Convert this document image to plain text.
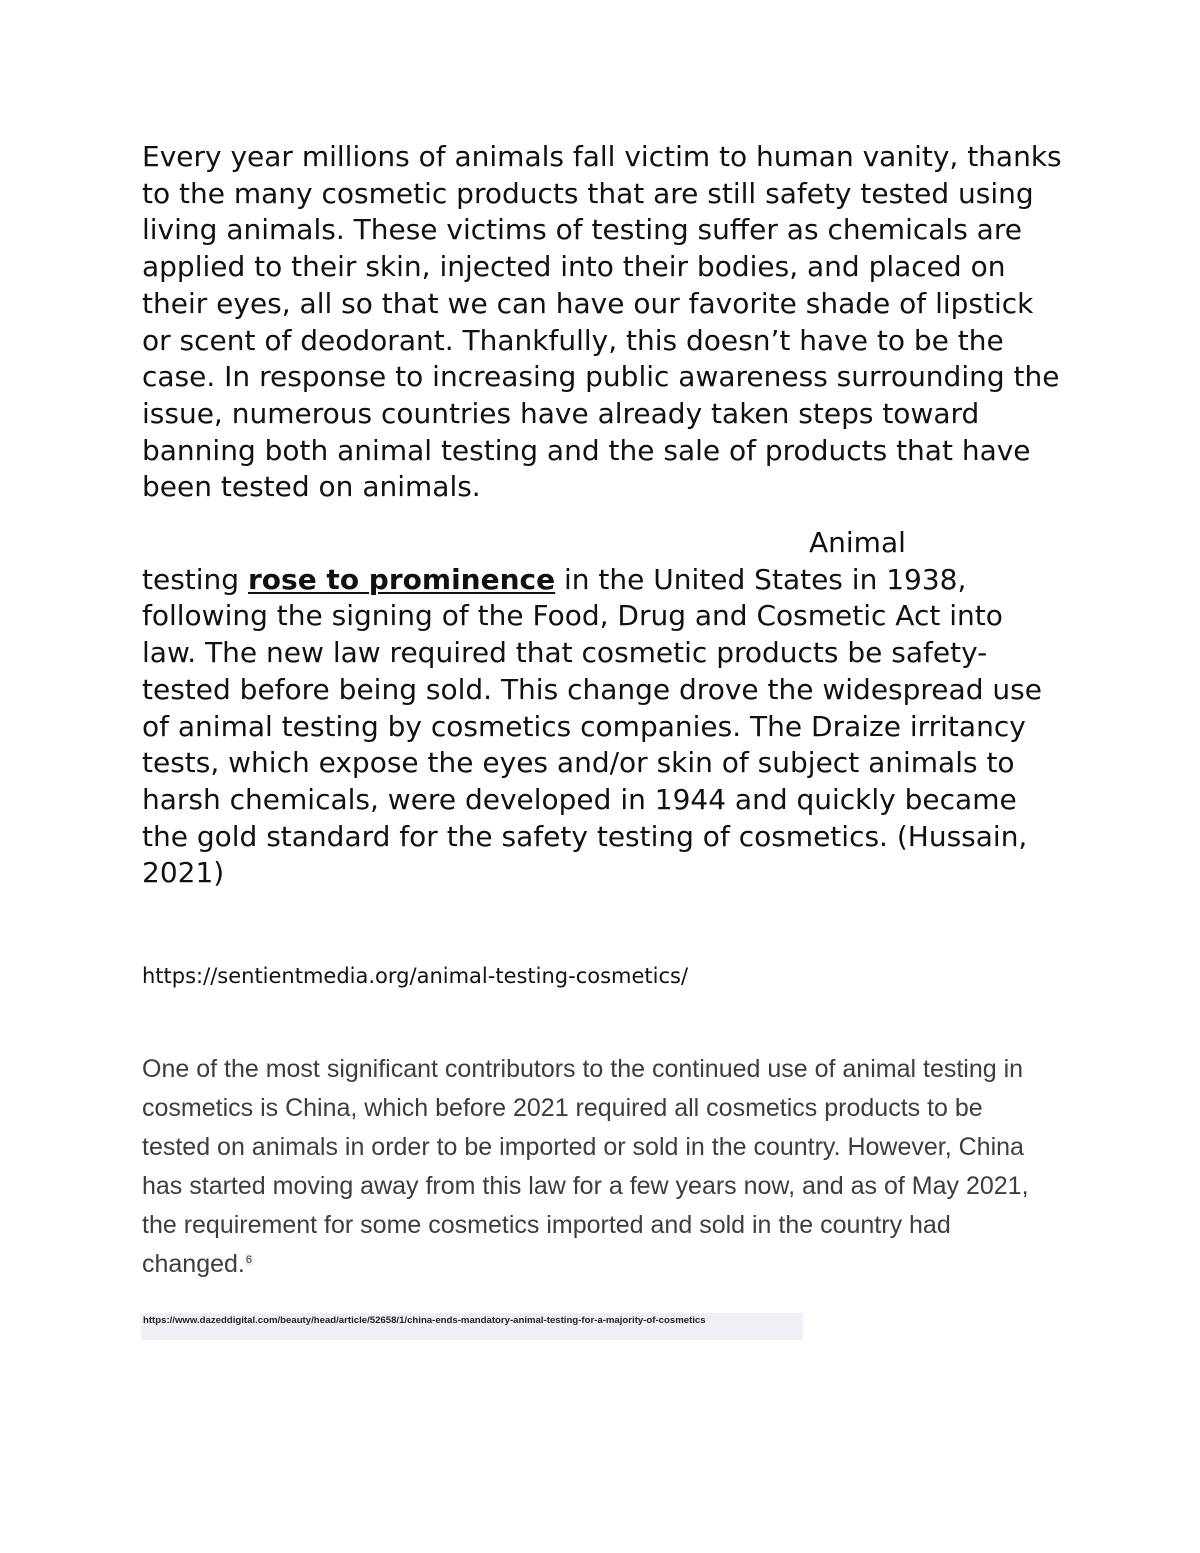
Every year millions of animals fall victim to human vanity, thanks to the many cosmetic products that are still safety tested using living animals. These victims of testing suffer as chemicals are applied to their skin, injected into their bodies, and placed on their eyes, all so that we can have our favorite shade of lipstick or scent of deodorant. Thankfully, this doesn’t have to be the case. In response to increasing public awareness surrounding the issue, numerous countries have already taken steps toward banning both animal testing and the sale of products that have been tested on animals.

Animal
testing rose to prominence in the United States in 1938, following the signing of the Food, Drug and Cosmetic Act into law. The new law required that cosmetic products be safety-tested before being sold. This change drove the widespread use of animal testing by cosmetics companies. The Draize irritancy tests, which expose the eyes and/or skin of subject animals to harsh chemicals, were developed in 1944 and quickly became the gold standard for the safety testing of cosmetics. (Hussain, 2021)

https://sentientmedia.org/animal-testing-cosmetics/

One of the most significant contributors to the continued use of animal testing in cosmetics is China, which before 2021 required all cosmetics products to be tested on animals in order to be imported or sold in the country. However, China has started moving away from this law for a few years now, and as of May 2021, the requirement for some cosmetics imported and sold in the country had changed.$^6$

https://www.dazeddigital.com/beauty/head/article/52658/1/china-ends-mandatory-animal-testing-for-a-majority-of-cosmetics
